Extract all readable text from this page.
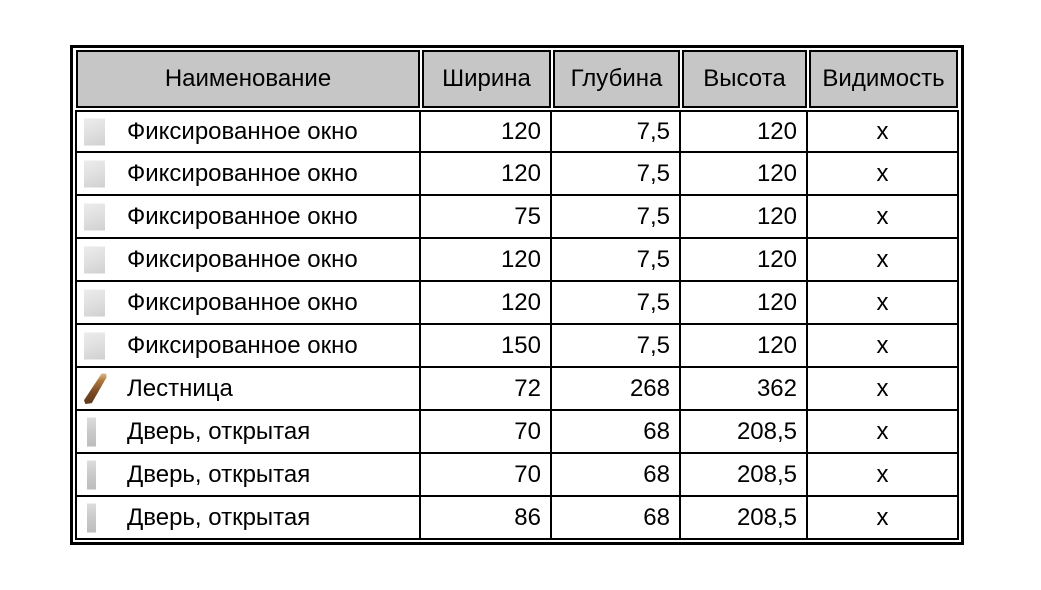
Наименование	Ширина	Глубина	Высота	Видимость
Фиксированное окно	120	7,5	120	x
Фиксированное окно	120	7,5	120	x
Фиксированное окно	75	7,5	120	x
Фиксированное окно	120	7,5	120	x
Фиксированное окно	120	7,5	120	x
Фиксированное окно	150	7,5	120	x
Лестница	72	268	362	x
Дверь, открытая	70	68	208,5	x
Дверь, открытая	70	68	208,5	x
Дверь, открытая	86	68	208,5	x
